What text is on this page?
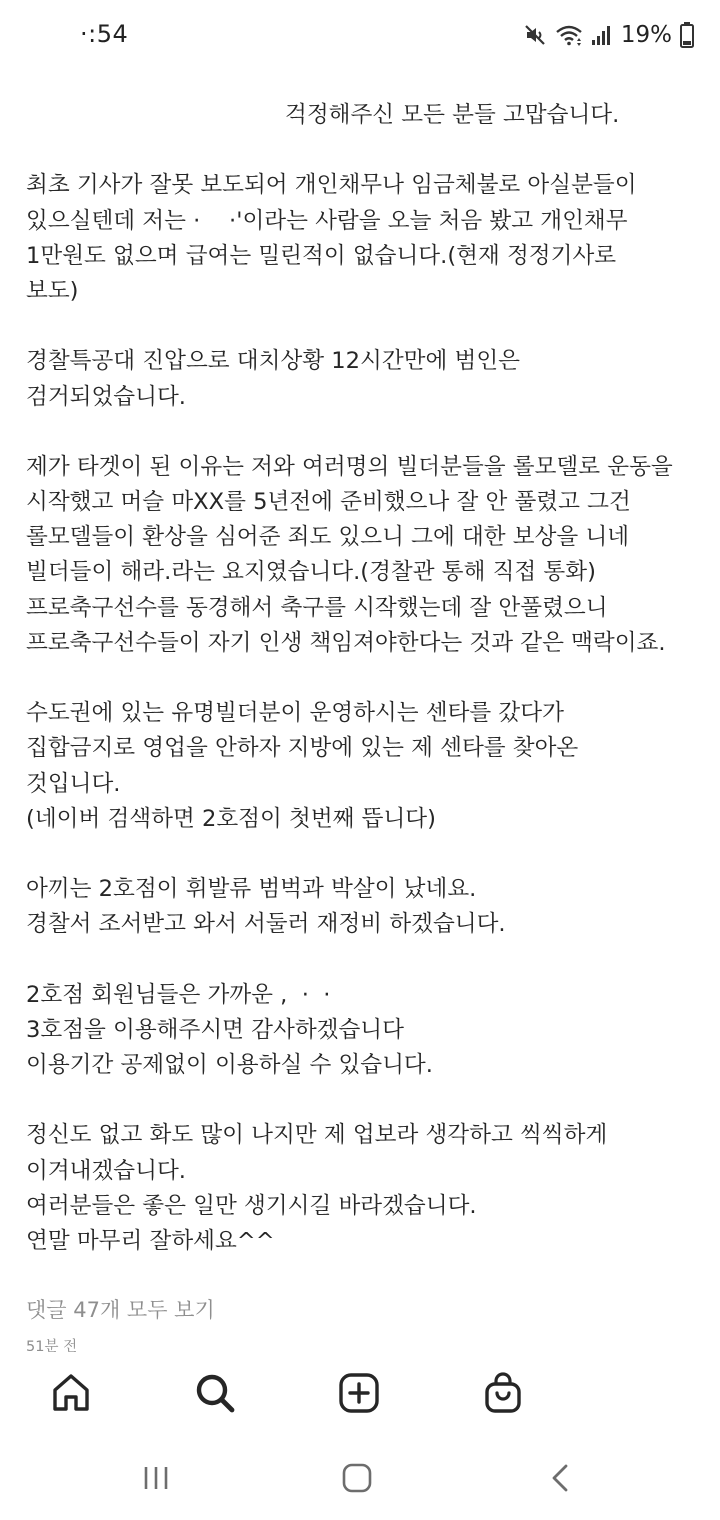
·:54	19%
걱정해주신 모든 분들 고맙습니다.
최초 기사가 잘못 보도되어 개인채무나 임금체불로 아실분들이
있으실텐데 저는 ·    ·'이라는 사람을 오늘 처음 봤고 개인채무
1만원도 없으며 급여는 밀린적이 없습니다.(현재 정정기사로
보도)
경찰특공대 진압으로 대치상황 12시간만에 범인은
검거되었습니다.
제가 타겟이 된 이유는 저와 여러명의 빌더분들을 롤모델로 운동을
시작했고 머슬 마XX를 5년전에 준비했으나 잘 안 풀렸고 그건
롤모델들이 환상을 심어준 죄도 있으니 그에 대한 보상을 니네
빌더들이 해라.라는 요지였습니다.(경찰관 통해 직접 통화)
프로축구선수를 동경해서 축구를 시작했는데 잘 안풀렸으니
프로축구선수들이 자기 인생 책임져야한다는 것과 같은 맥락이죠.
수도권에 있는 유명빌더분이 운영하시는 센타를 갔다가
집합금지로 영업을 안하자 지방에 있는 제 센타를 찾아온
것입니다.
(네이버 검색하면 2호점이 첫번째 뜹니다)
아끼는 2호점이 휘발류 범벅과 박살이 났네요.
경찰서 조서받고 와서 서둘러 재정비 하겠습니다.
2호점 회원님들은 가까운 ,  ·  ·
3호점을 이용해주시면 감사하겠습니다
이용기간 공제없이 이용하실 수 있습니다.
정신도 없고 화도 많이 나지만 제 업보라 생각하고 씩씩하게
이겨내겠습니다.
여러분들은 좋은 일만 생기시길 바라겠습니다.
연말 마무리 잘하세요^^
댓글 47개 모두 보기
51분 전
